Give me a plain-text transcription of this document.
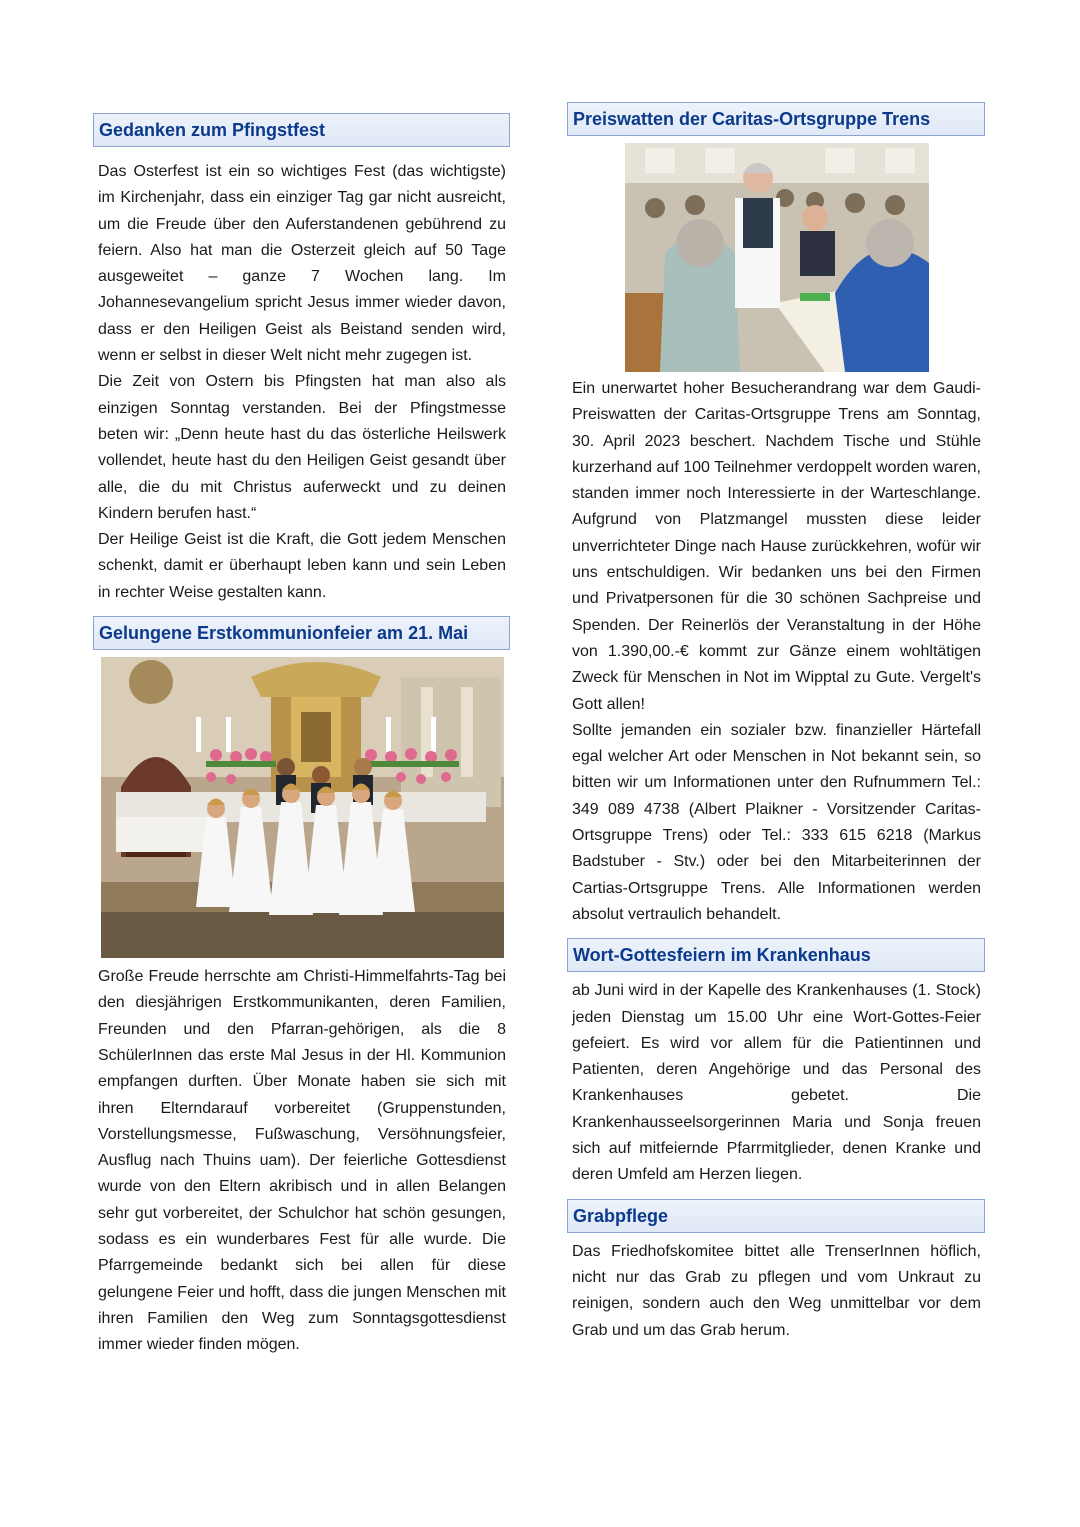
Gedanken zum Pfingstfest

Das Osterfest ist ein so wichtiges Fest (das wichtigste) im Kirchenjahr, dass ein einziger Tag gar nicht ausreicht, um die Freude über den Auferstandenen gebührend zu feiern. Also hat man die Osterzeit gleich auf 50 Tage ausgeweitet – ganze 7 Wochen lang. Im Johannesevangelium spricht Jesus immer wieder davon, dass er den Heiligen Geist als Beistand senden wird, wenn er selbst in dieser Welt nicht mehr zugegen ist.

Die Zeit von Ostern bis Pfingsten hat man also als einzigen Sonntag verstanden. Bei der Pfingstmesse beten wir: „Denn heute hast du das österliche Heilswerk vollendet, heute hast du den Heiligen Geist gesandt über alle, die du mit Christus auferweckt und zu deinen Kindern berufen hast.“

Der Heilige Geist ist die Kraft, die Gott jedem Menschen schenkt, damit er überhaupt leben kann und sein Leben in rechter Weise gestalten kann.

Gelungene Erstkommunionfeier am 21. Mai

Große Freude herrschte am Christi-Himmelfahrts-Tag bei den diesjährigen Erstkommunikanten, deren Familien, Freunden und den Pfarran-gehörigen, als die 8 SchülerInnen das erste Mal Jesus in der Hl. Kommunion empfangen durften. Über Monate haben sie sich mit ihren Elterndarauf vorbereitet (Gruppenstunden, Vorstellungsmesse, Fußwaschung, Versöhnungsfeier, Ausflug nach Thuins uam). Der feierliche Gottesdienst wurde von den Eltern akribisch und in allen Belangen sehr gut vorbereitet, der Schulchor hat schön gesungen, sodass es ein wunderbares Fest für alle wurde. Die Pfarrgemeinde bedankt sich bei allen für diese gelungene Feier und hofft, dass die jungen Menschen mit ihren Familien den Weg zum Sonntagsgottesdienst immer wieder finden mögen.

Preiswatten der Caritas-Ortsgruppe Trens

Ein unerwartet hoher Besucherandrang war dem Gaudi-Preiswatten der Caritas-Ortsgruppe Trens am Sonntag, 30. April 2023 beschert. Nachdem Tische und Stühle kurzerhand auf 100 Teilnehmer verdoppelt worden waren, standen immer noch Interessierte in der Warteschlange. Aufgrund von Platzmangel mussten diese leider unverrichteter Dinge nach Hause zurückkehren, wofür wir uns entschuldigen. Wir bedanken uns bei den Firmen und Privatpersonen für die 30 schönen Sachpreise und Spenden. Der Reinerlös der Veranstaltung in der Höhe von 1.390,00.-€ kommt zur Gänze einem wohltätigen Zweck für Menschen in Not im Wipptal zu Gute. Vergelt's Gott allen!

Sollte jemanden ein sozialer bzw. finanzieller Härtefall egal welcher Art oder Menschen in Not bekannt sein, so bitten wir um Informationen unter den Rufnummern Tel.: 349 089 4738 (Albert Plaikner - Vorsitzender Caritas-Ortsgruppe Trens) oder Tel.: 333 615 6218 (Markus Badstuber - Stv.) oder bei den Mitarbeiterinnen der Cartias-Ortsgruppe Trens. Alle Informationen werden absolut vertraulich behandelt.

Wort-Gottesfeiern im Krankenhaus

ab Juni wird in der Kapelle des Krankenhauses (1. Stock) jeden Dienstag um 15.00 Uhr eine Wort-Gottes-Feier gefeiert. Es wird vor allem für die Patientinnen und Patienten, deren Angehörige und das Personal des Krankenhauses gebetet. Die Krankenhausseelsorgerinnen Maria und Sonja freuen sich auf mitfeiernde Pfarrmitglieder, denen Kranke und deren Umfeld am Herzen liegen.

Grabpflege

Das Friedhofskomitee bittet alle TrenserInnen höflich, nicht nur das Grab zu pflegen und vom Unkraut zu reinigen, sondern auch den Weg unmittelbar vor dem Grab und um das Grab herum.
